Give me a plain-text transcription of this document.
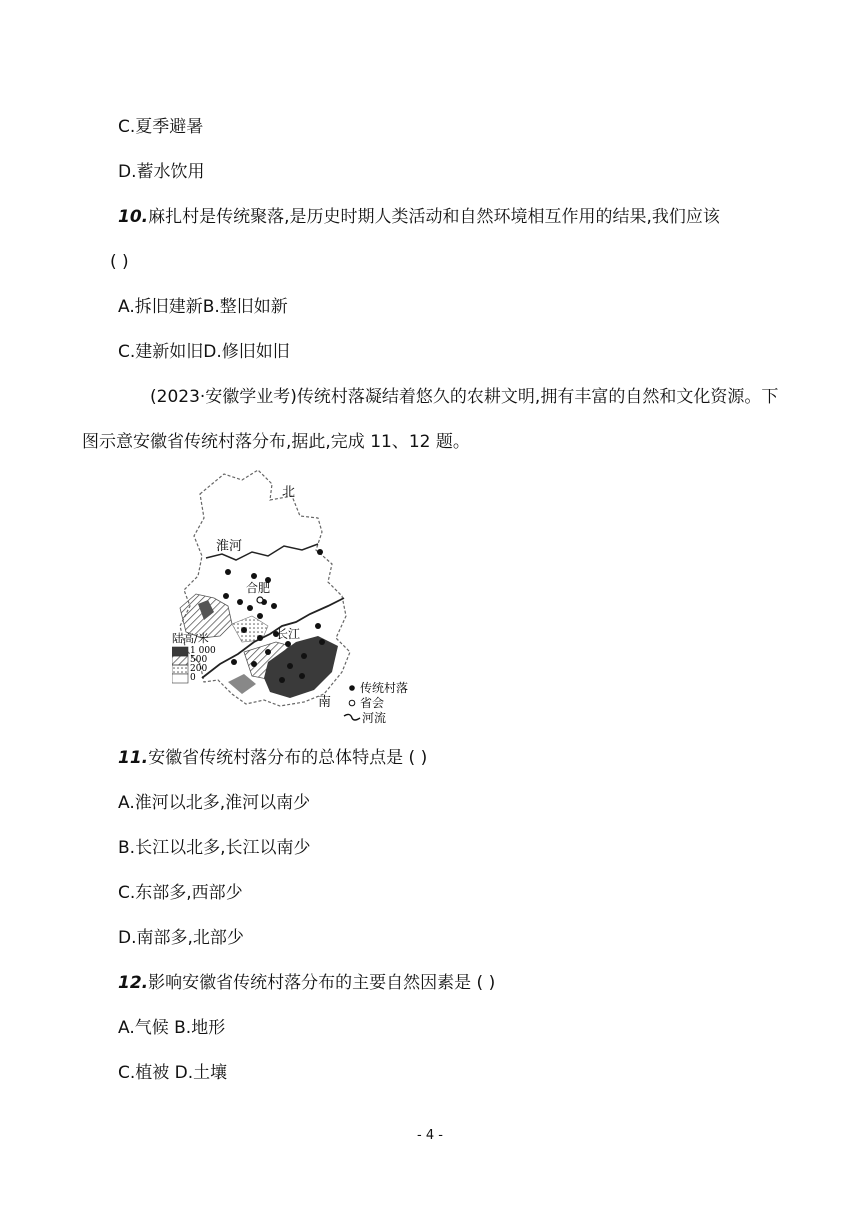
C.夏季避暑
D.蓄水饮用
10.麻扎村是传统聚落,是历史时期人类活动和自然环境相互作用的结果,我们应该
( )
A.拆旧建新B.整旧如新
C.建新如旧D.修旧如旧
(2023·安徽学业考)传统村落凝结着悠久的农耕文明,拥有丰富的自然和文化资源。下
图示意安徽省传统村落分布,据此,完成 11、12 题。
北
淮河
合肥
长江
南
陆高/米
1 000
500
200
0
传统村落
省会
河流
11.安徽省传统村落分布的总体特点是 ( )
A.淮河以北多,淮河以南少
B.长江以北多,长江以南少
C.东部多,西部少
D.南部多,北部少
12.影响安徽省传统村落分布的主要自然因素是 ( )
A.气候 B.地形
C.植被 D.土壤
- 4 -
